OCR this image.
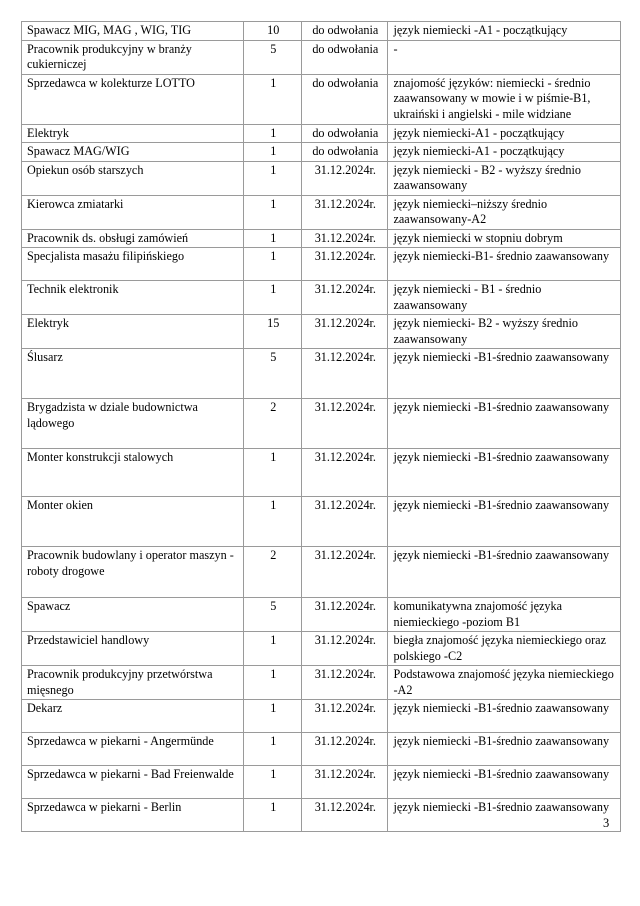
Spawacz MIG, MAG , WIG, TIG	10	do odwołania	język niemiecki -A1 - początkujący
Pracownik produkcyjny w branży cukierniczej	5	do odwołania	-
Sprzedawca w kolekturze LOTTO	1	do odwołania	znajomość języków: niemiecki - średnio zaawansowany w mowie i w piśmie-B1, ukraiński i angielski - mile widziane
Elektryk	1	do odwołania	język niemiecki-A1 - początkujący
Spawacz MAG/WIG	1	do odwołania	język niemiecki-A1 - początkujący
Opiekun osób starszych	1	31.12.2024r.	język niemiecki - B2 - wyższy średnio zaawansowany
Kierowca zmiatarki	1	31.12.2024r.	język niemiecki–niższy średnio zaawansowany-A2
Pracownik ds. obsługi zamówień	1	31.12.2024r.	język niemiecki w stopniu dobrym
Specjalista masażu filipińskiego	1	31.12.2024r.	język niemiecki-B1- średnio zaawansowany
Technik elektronik	1	31.12.2024r.	język niemiecki - B1 - średnio zaawansowany
Elektryk	15	31.12.2024r.	język niemiecki- B2 - wyższy średnio zaawansowany
Ślusarz	5	31.12.2024r.	język niemiecki -B1-średnio zaawansowany
Brygadzista w dziale budownictwa lądowego	2	31.12.2024r.	język niemiecki -B1-średnio zaawansowany
Monter konstrukcji stalowych	1	31.12.2024r.	język niemiecki -B1-średnio zaawansowany
Monter okien	1	31.12.2024r.	język niemiecki -B1-średnio zaawansowany
Pracownik budowlany i operator maszyn - roboty drogowe	2	31.12.2024r.	język niemiecki -B1-średnio zaawansowany
Spawacz	5	31.12.2024r.	komunikatywna znajomość języka niemieckiego -poziom B1
Przedstawiciel handlowy	1	31.12.2024r.	biegła znajomość języka niemieckiego oraz polskiego -C2
Pracownik produkcyjny przetwórstwa mięsnego	1	31.12.2024r.	Podstawowa znajomość języka niemieckiego -A2
Dekarz	1	31.12.2024r.	język niemiecki -B1-średnio zaawansowany
Sprzedawca w piekarni - Angermünde	1	31.12.2024r.	język niemiecki -B1-średnio zaawansowany
Sprzedawca w piekarni - Bad Freienwalde	1	31.12.2024r.	język niemiecki -B1-średnio zaawansowany
Sprzedawca w piekarni - Berlin	1	31.12.2024r.	język niemiecki -B1-średnio zaawansowany
3
